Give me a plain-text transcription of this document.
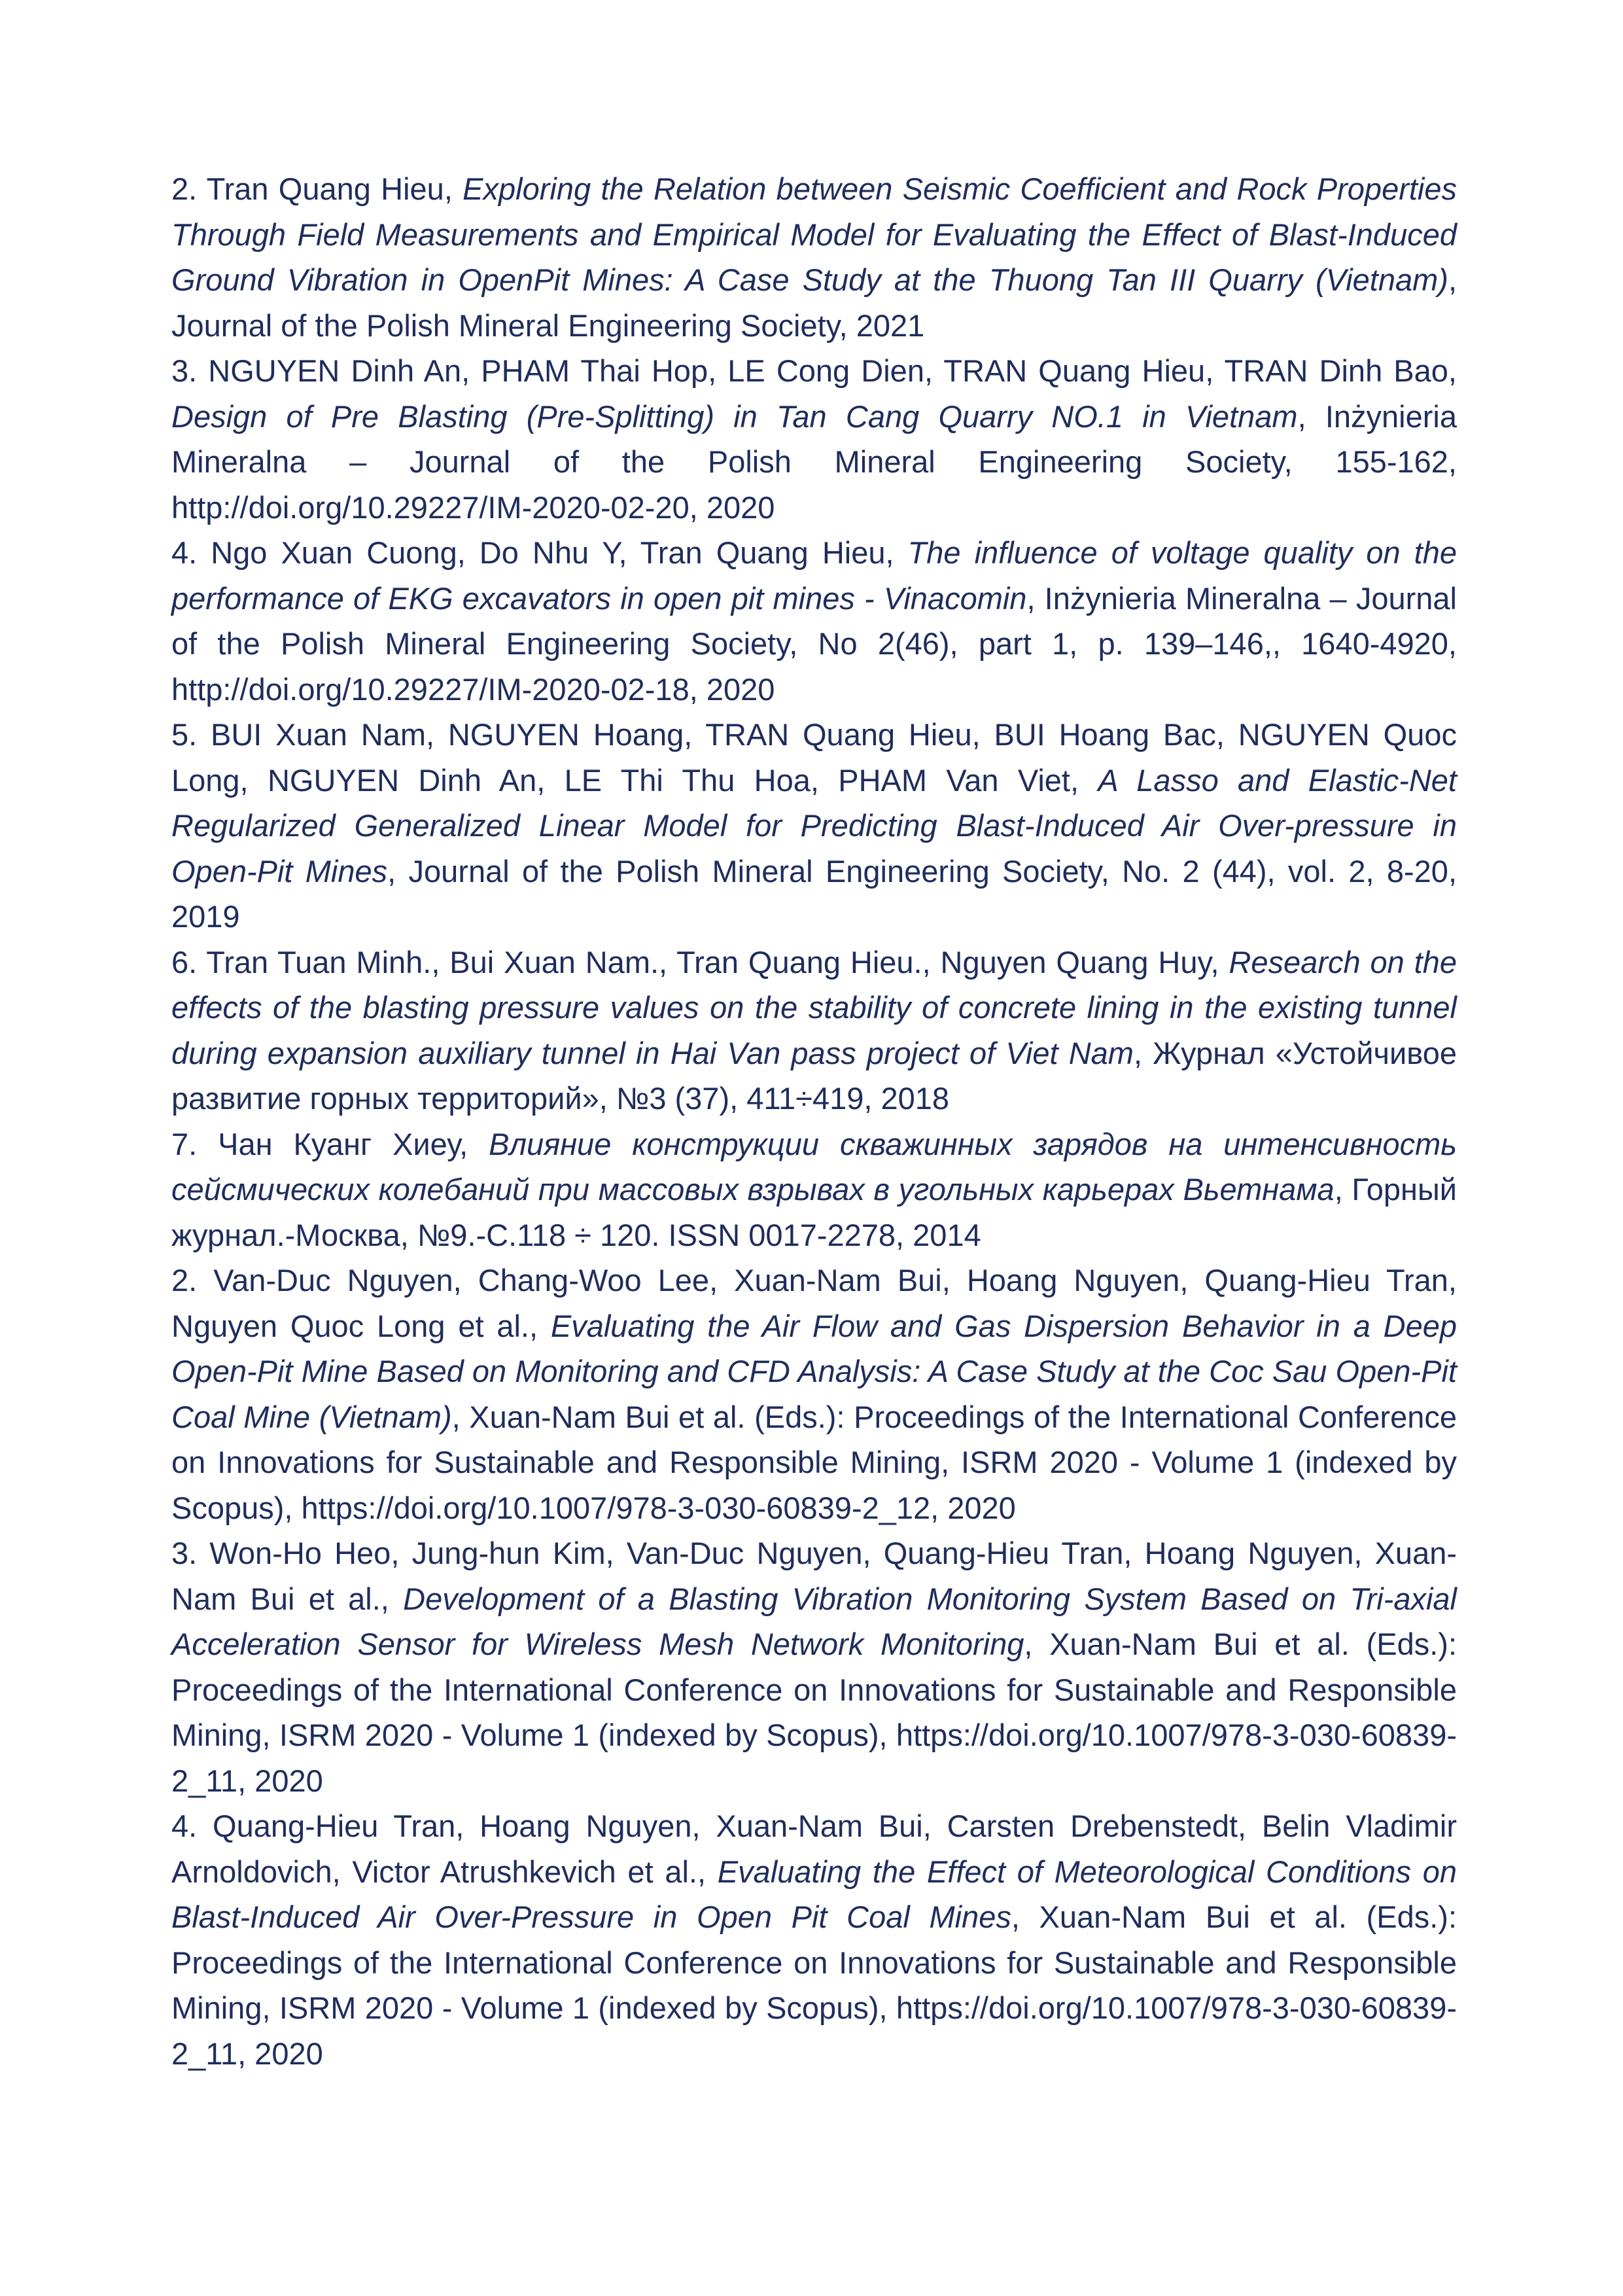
2. Tran Quang Hieu, Exploring the Relation between Seismic Coefficient and Rock Properties Through Field Measurements and Empirical Model for Evaluating the Effect of Blast-Induced Ground Vibration in OpenPit Mines: A Case Study at the Thuong Tan III Quarry (Vietnam), Journal of the Polish Mineral Engineering Society, 2021

3. NGUYEN Dinh An, PHAM Thai Hop, LE Cong Dien, TRAN Quang Hieu, TRAN Dinh Bao, Design of Pre Blasting (Pre-Splitting) in Tan Cang Quarry NO.1 in Vietnam, Inżynieria Mineralna – Journal of the Polish Mineral Engineering Society, 155-162, http://doi.org/10.29227/IM-2020-02-20, 2020

4. Ngo Xuan Cuong, Do Nhu Y, Tran Quang Hieu, The influence of voltage quality on the performance of EKG excavators in open pit mines - Vinacomin, Inżynieria Mineralna – Journal of the Polish Mineral Engineering Society, No 2(46), part 1, p. 139–146,, 1640-4920, http://doi.org/10.29227/IM-2020-02-18, 2020

5. BUI Xuan Nam, NGUYEN Hoang, TRAN Quang Hieu, BUI Hoang Bac, NGUYEN Quoc Long, NGUYEN Dinh An, LE Thi Thu Hoa, PHAM Van Viet, A Lasso and Elastic-Net Regularized Generalized Linear Model for Predicting Blast-Induced Air Over-pressure in Open-Pit Mines, Journal of the Polish Mineral Engineering Society, No. 2 (44), vol. 2, 8-20, 2019

6. Tran Tuan Minh., Bui Xuan Nam., Tran Quang Hieu., Nguyen Quang Huy, Research on the effects of the blasting pressure values on the stability of concrete lining in the existing tunnel during expansion auxiliary tunnel in Hai Van pass project of Viet Nam, Журнал «Устойчивое развитие горных территорий», №3 (37), 411÷419, 2018

7. Чан Куанг Хиеу, Влияние конструкции скважинных зарядов на интенсивность сейсмических колебаний при массовых взрывах в угольных карьерах Вьетнама, Горный журнал.-Москва, №9.-С.118 ÷ 120. ISSN 0017-2278, 2014

2. Van-Duc Nguyen, Chang-Woo Lee, Xuan-Nam Bui, Hoang Nguyen, Quang-Hieu Tran, Nguyen Quoc Long et al., Evaluating the Air Flow and Gas Dispersion Behavior in a Deep Open-Pit Mine Based on Monitoring and CFD Analysis: A Case Study at the Coc Sau Open-Pit Coal Mine (Vietnam), Xuan-Nam Bui et al. (Eds.): Proceedings of the International Conference on Innovations for Sustainable and Responsible Mining, ISRM 2020 - Volume 1 (indexed by Scopus), https://doi.org/10.1007/978-3-030-60839-2_12, 2020

3. Won-Ho Heo, Jung-hun Kim, Van-Duc Nguyen, Quang-Hieu Tran, Hoang Nguyen, Xuan-Nam Bui et al., Development of a Blasting Vibration Monitoring System Based on Tri-axial Acceleration Sensor for Wireless Mesh Network Monitoring, Xuan-Nam Bui et al. (Eds.): Proceedings of the International Conference on Innovations for Sustainable and Responsible Mining, ISRM 2020 - Volume 1 (indexed by Scopus), https://doi.org/10.1007/978-3-030-60839-2_11, 2020

4. Quang-Hieu Tran, Hoang Nguyen, Xuan-Nam Bui, Carsten Drebenstedt, Belin Vladimir Arnoldovich, Victor Atrushkevich et al., Evaluating the Effect of Meteorological Conditions on Blast-Induced Air Over-Pressure in Open Pit Coal Mines, Xuan-Nam Bui et al. (Eds.): Proceedings of the International Conference on Innovations for Sustainable and Responsible Mining, ISRM 2020 - Volume 1 (indexed by Scopus), https://doi.org/10.1007/978-3-030-60839-2_11, 2020
